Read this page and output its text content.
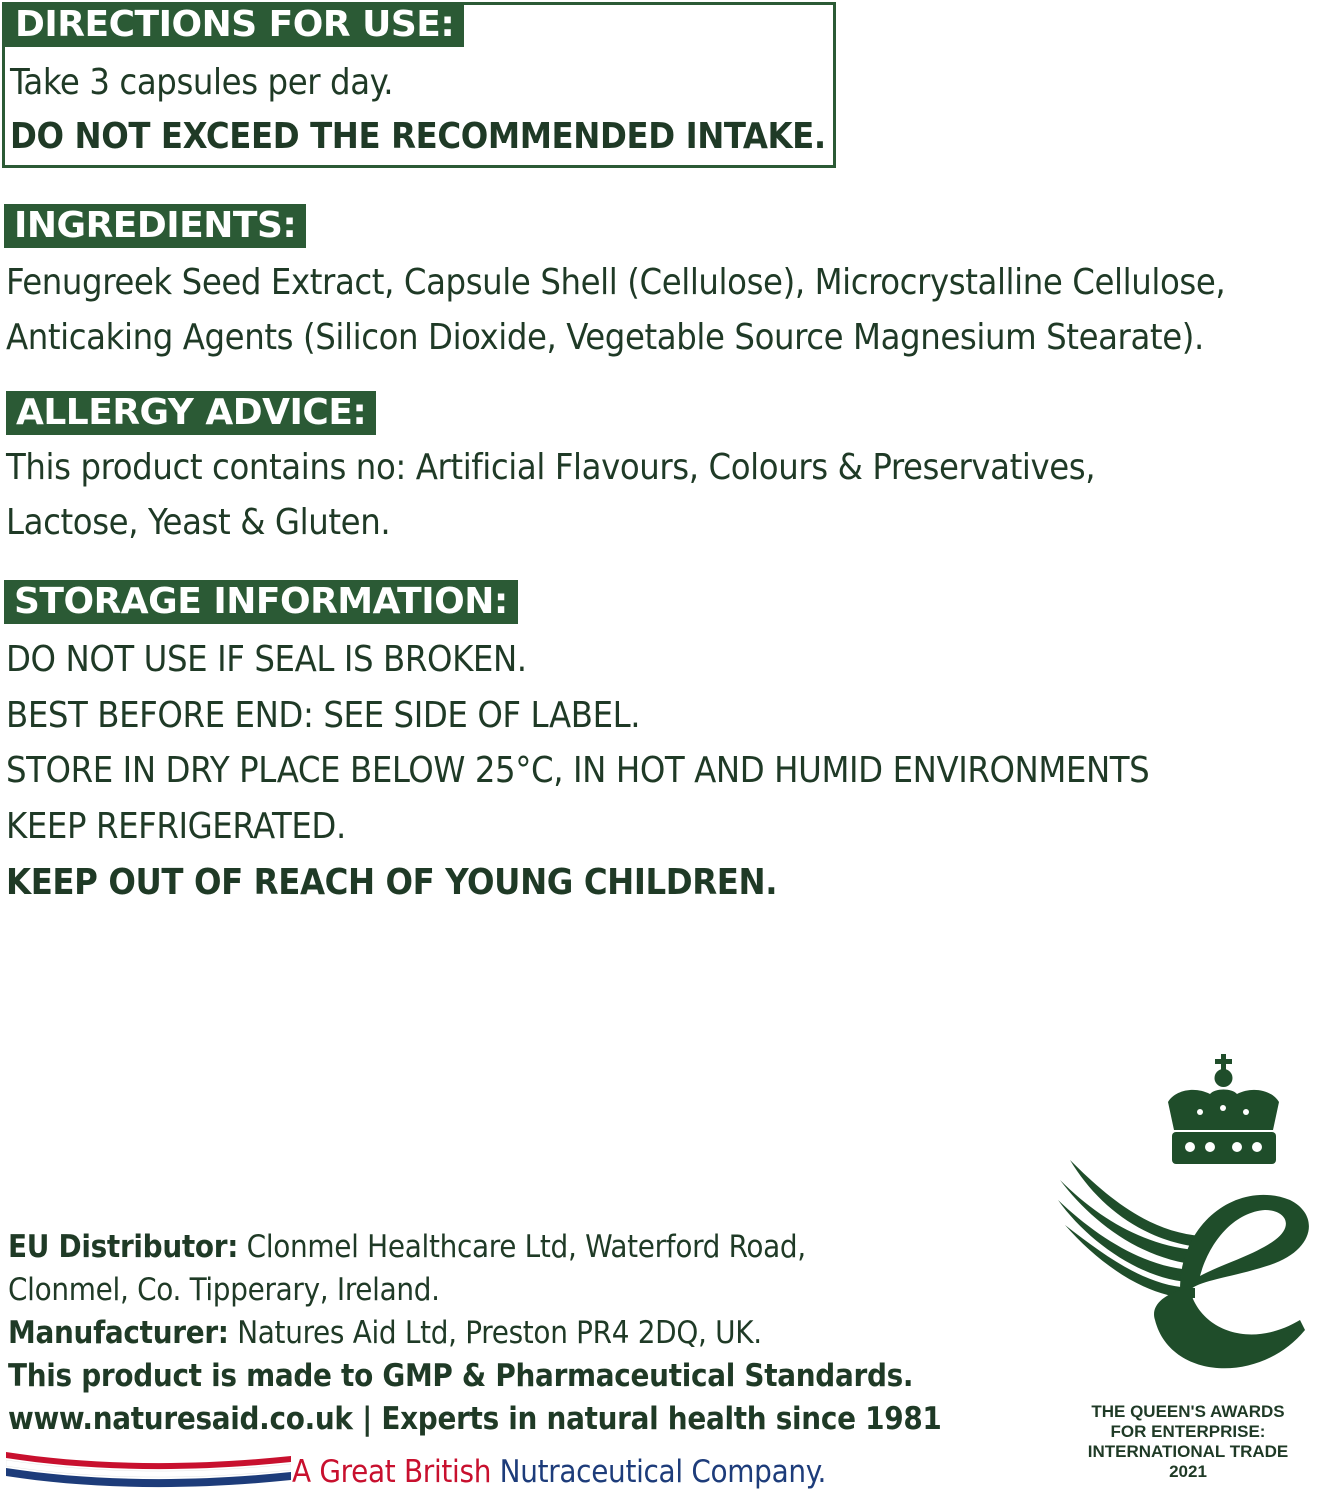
DIRECTIONS FOR USE:
Take 3 capsules per day.
DO NOT EXCEED THE RECOMMENDED INTAKE.
INGREDIENTS:
Fenugreek Seed Extract, Capsule Shell (Cellulose), Microcrystalline Cellulose,
Anticaking Agents (Silicon Dioxide, Vegetable Source Magnesium Stearate).
ALLERGY ADVICE:
This product contains no: Artificial Flavours, Colours & Preservatives,
Lactose, Yeast & Gluten.
STORAGE INFORMATION:
DO NOT USE IF SEAL IS BROKEN.
BEST BEFORE END: SEE SIDE OF LABEL.
STORE IN DRY PLACE BELOW 25°C, IN HOT AND HUMID ENVIRONMENTS
KEEP REFRIGERATED.
KEEP OUT OF REACH OF YOUNG CHILDREN.
EU Distributor: Clonmel Healthcare Ltd, Waterford Road,
Clonmel, Co. Tipperary, Ireland.
Manufacturer: Natures Aid Ltd, Preston PR4 2DQ, UK.
This product is made to GMP & Pharmaceutical Standards.
www.naturesaid.co.uk | Experts in natural health since 1981
A Great British Nutraceutical Company.
THE QUEEN'S AWARDS
FOR ENTERPRISE:
INTERNATIONAL TRADE
2021
